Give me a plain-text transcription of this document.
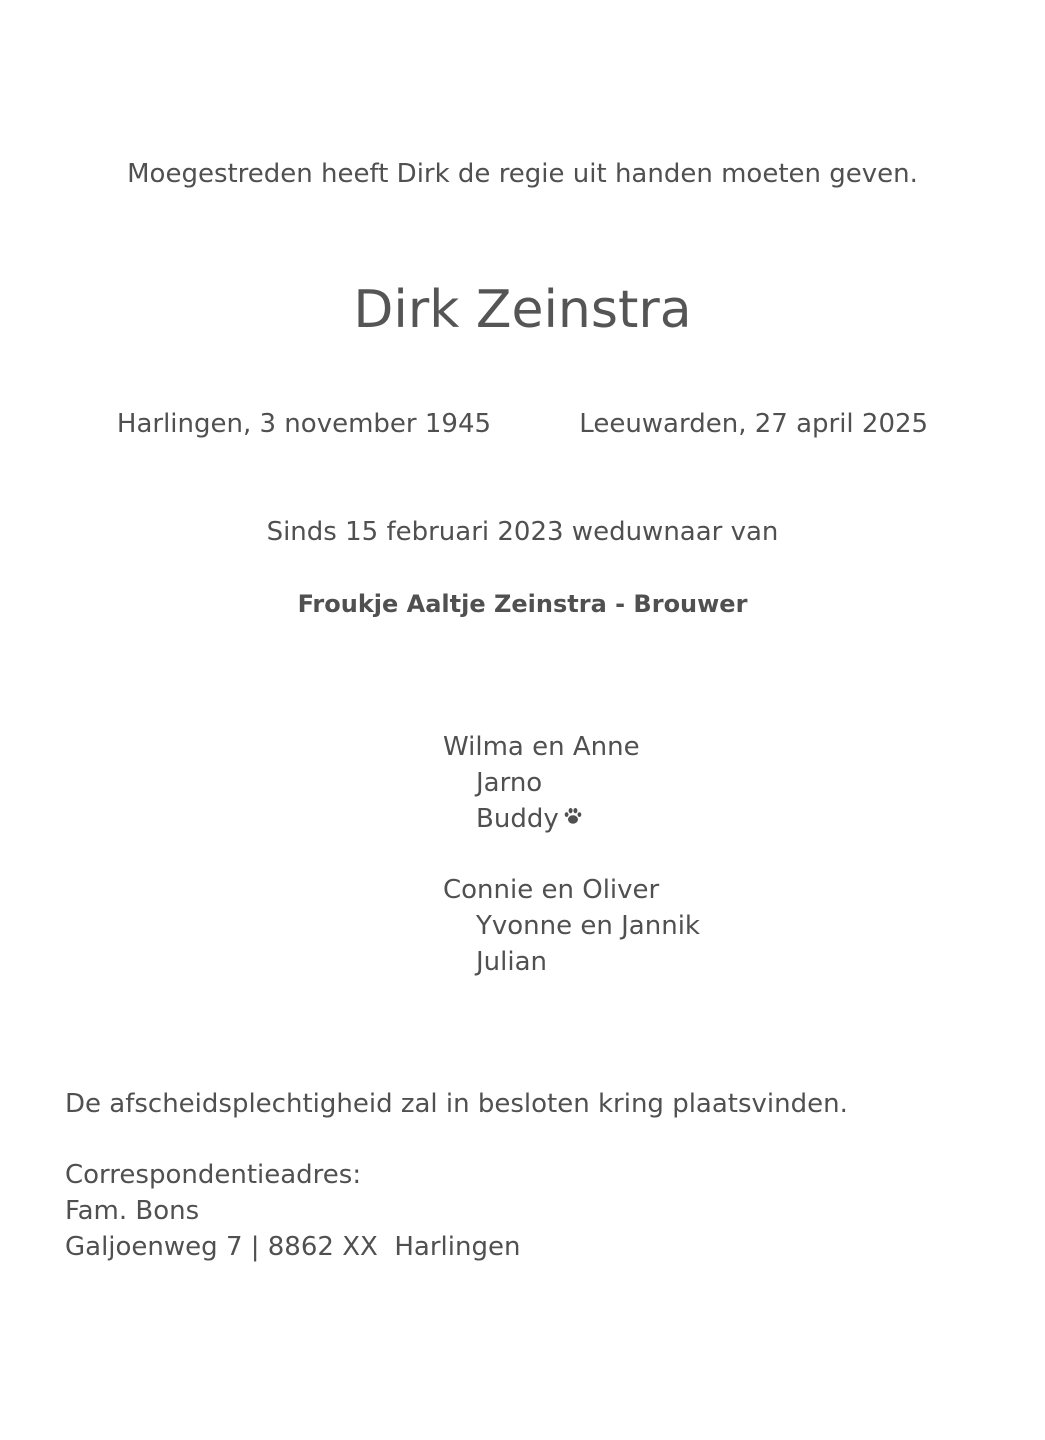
Moegestreden heeft Dirk de regie uit handen moeten geven.
Dirk Zeinstra
Harlingen, 3 november 1945	Leeuwarden, 27 april 2025
Sinds 15 februari 2023 weduwnaar van
Froukje Aaltje Zeinstra - Brouwer
Wilma en Anne
Jarno
Buddy
Connie en Oliver
Yvonne en Jannik
Julian
De afscheidsplechtigheid zal in besloten kring plaatsvinden.
Correspondentieadres:
Fam. Bons
Galjoenweg 7 | 8862 XX  Harlingen
